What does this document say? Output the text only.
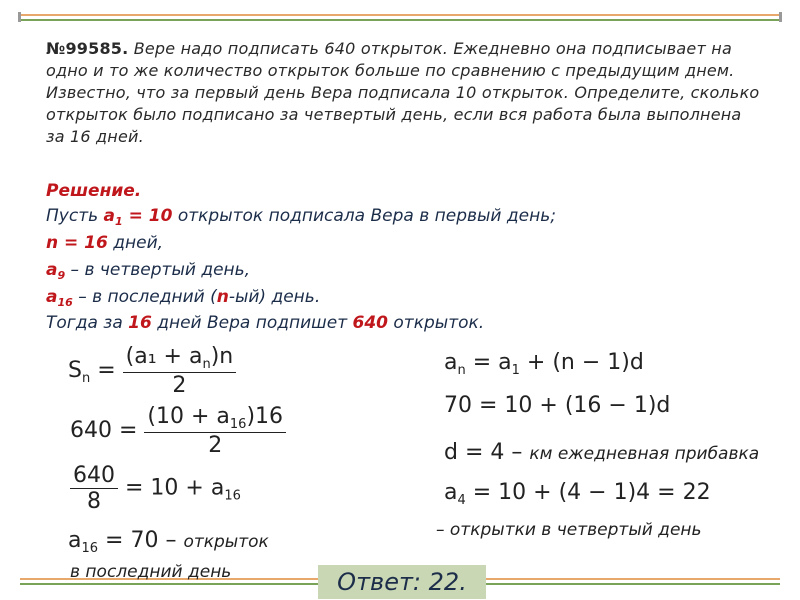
№99585. Вере надо подписать 640 открыток. Ежедневно она подписывает на одно и то же количество открыток больше по сравнению с предыдущим днем. Известно, что за первый день Вера подписала 10 открыток. Определите, сколько открыток было подписано за четвертый день, если вся работа была выполнена за 16 дней.
Решение.
Пусть $a_1 = 10$ открыток подписала Вера в первый день;
n = 16 дней,
$a_9$ – в четвертый день,
$a_{16}$ – в последний (n-ый) день.
Тогда за 16 дней Вера подпишет 640 открыток.
$S_n = \frac{(a_1 + a_n)n}{2}$
$640 = \frac{(10 + a_{16})16}{2}$
$\frac{640}{8} = 10 + a_{16}$
$a_{16} = 70$ – открыток
в последний день
$a_n = a_1 + (n - 1)d$
70 = 10 + (16 − 1)d
d = 4 – км ежедневная прибавка
$a_4 = 10 + (4 - 1)4 = 22$
– открытки в четвертый день
Ответ: 22.
